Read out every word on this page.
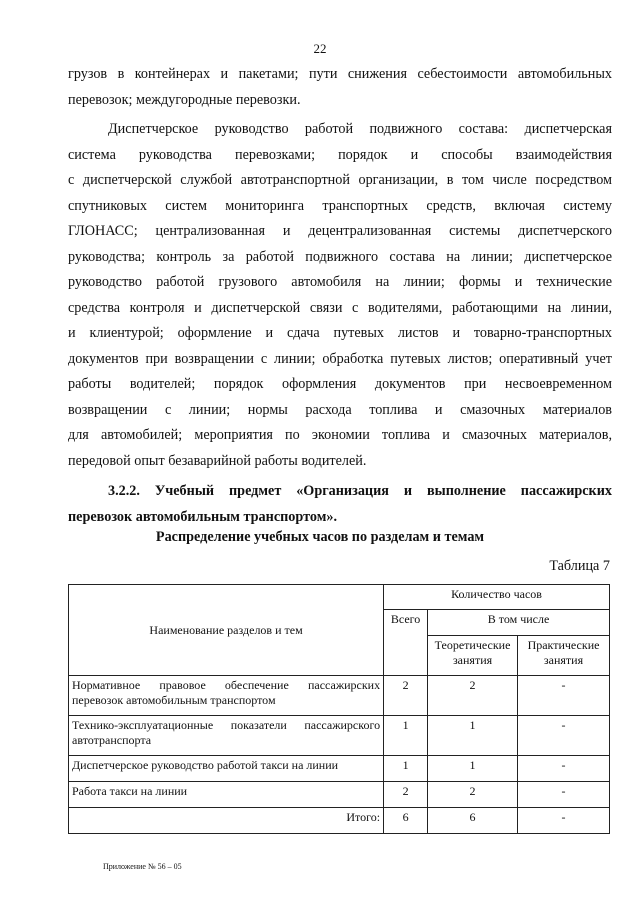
22
грузов в контейнерах и пакетами; пути снижения себестоимости автомобильных
перевозок; междугородные перевозки.
Диспетчерское руководство работой подвижного состава: диспетчерская
система руководства перевозками; порядок и способы взаимодействия
с диспетчерской службой автотранспортной организации, в том числе посредством
спутниковых систем мониторинга транспортных средств, включая систему
ГЛОНАСС; централизованная и децентрализованная системы диспетчерского
руководства; контроль за работой подвижного состава на линии; диспетчерское
руководство работой грузового автомобиля на линии; формы и технические
средства контроля и диспетчерской связи с водителями, работающими на линии,
и клиентурой; оформление и сдача путевых листов и товарно-транспортных
документов при возвращении с линии; обработка путевых листов; оперативный учет
работы водителей; порядок оформления документов при несвоевременном
возвращении с линии; нормы расхода топлива и смазочных материалов
для автомобилей; мероприятия по экономии топлива и смазочных материалов,
передовой опыт безаварийной работы водителей.
3.2.2. Учебный предмет «Организация и выполнение пассажирских
перевозок автомобильным транспортом».
Распределение учебных часов по разделам и темам
Таблица 7
Наименование разделов и тем	Количество часов		
	Всего	В том числе	
		Теоретические занятия	Практические занятия
Нормативное правовое обеспечение пассажирских перевозок автомобильным транспортом	2	2	-
Технико-эксплуатационные показатели пассажирского автотранспорта	1	1	-
Диспетчерское руководство работой такси на линии	1	1	-
Работа такси на линии	2	2	-
Итого:	6	6	-
Приложение № 56 – 05
